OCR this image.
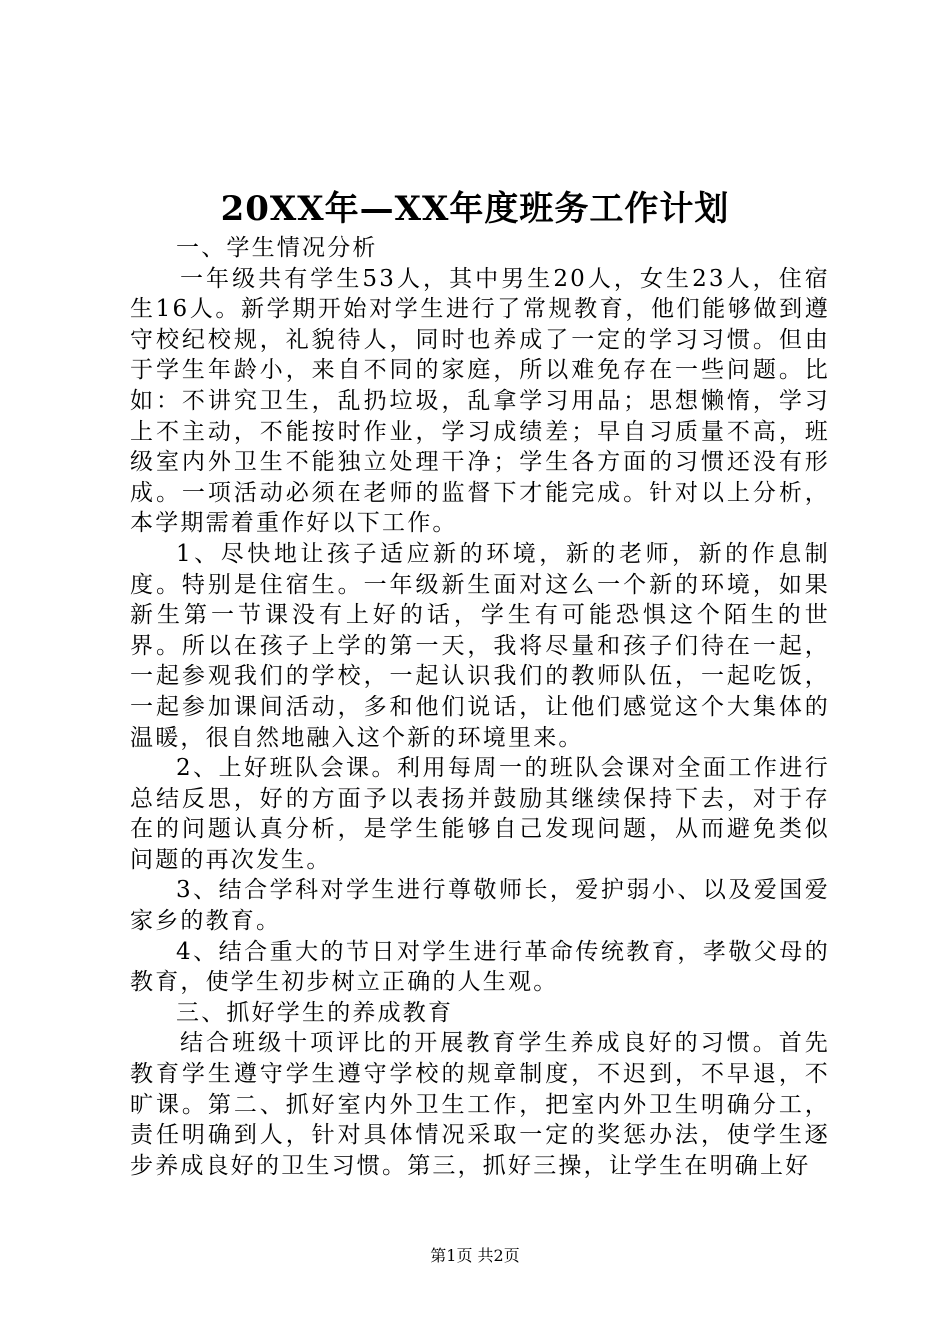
20XX年—XX年度班务工作计划

一、学生情况分析

一年级共有学生53人，其中男生20人，女生23人，住宿生16人。新学期开始对学生进行了常规教育，他们能够做到遵守校纪校规，礼貌待人，同时也养成了一定的学习习惯。但由于学生年龄小，来自不同的家庭，所以难免存在一些问题。比如：不讲究卫生，乱扔垃圾，乱拿学习用品；思想懒惰，学习上不主动，不能按时作业，学习成绩差；早自习质量不高，班级室内外卫生不能独立处理干净；学生各方面的习惯还没有形成。一项活动必须在老师的监督下才能完成。针对以上分析，本学期需着重作好以下工作。

1、尽快地让孩子适应新的环境，新的老师，新的作息制度。特别是住宿生。一年级新生面对这么一个新的环境，如果新生第一节课没有上好的话，学生有可能恐惧这个陌生的世界。所以在孩子上学的第一天，我将尽量和孩子们待在一起，一起参观我们的学校，一起认识我们的教师队伍，一起吃饭，一起参加课间活动，多和他们说话，让他们感觉这个大集体的温暖，很自然地融入这个新的环境里来。

2、上好班队会课。利用每周一的班队会课对全面工作进行总结反思，好的方面予以表扬并鼓励其继续保持下去，对于存在的问题认真分析，是学生能够自己发现问题，从而避免类似问题的再次发生。

3、结合学科对学生进行尊敬师长，爱护弱小、以及爱国爱家乡的教育。

4、结合重大的节日对学生进行革命传统教育，孝敬父母的教育，使学生初步树立正确的人生观。

三、抓好学生的养成教育

结合班级十项评比的开展教育学生养成良好的习惯。首先教育学生遵守学生遵守学校的规章制度，不迟到，不早退，不旷课。第二、抓好室内外卫生工作，把室内外卫生明确分工，责任明确到人，针对具体情况采取一定的奖惩办法，使学生逐步养成良好的卫生习惯。第三，抓好三操，让学生在明确上好

第1页 共2页
